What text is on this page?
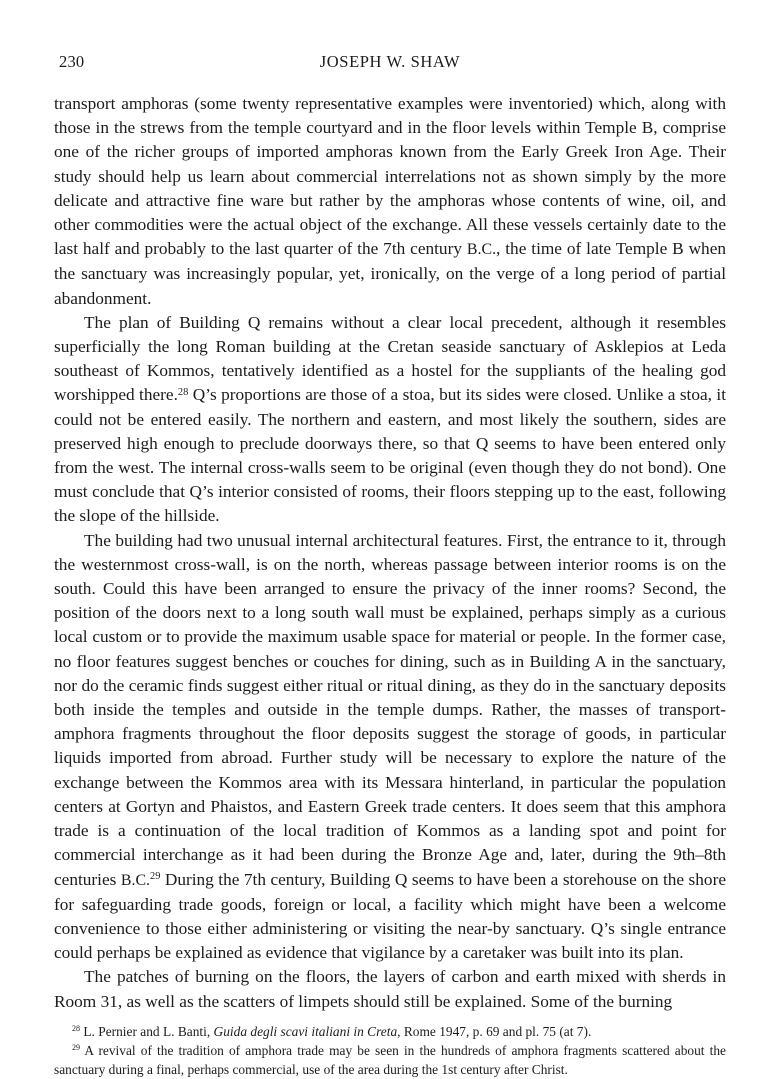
230	JOSEPH W. SHAW

transport amphoras (some twenty representative examples were inventoried) which, along with those in the strews from the temple courtyard and in the floor levels within Temple B, comprise one of the richer groups of imported amphoras known from the Early Greek Iron Age. Their study should help us learn about commercial interrelations not as shown simply by the more delicate and attractive fine ware but rather by the amphoras whose contents of wine, oil, and other commodities were the actual object of the exchange. All these vessels certainly date to the last half and probably to the last quarter of the 7th century B.C., the time of late Temple B when the sanctuary was increasingly popular, yet, ironically, on the verge of a long period of partial abandonment.

The plan of Building Q remains without a clear local precedent, although it resembles superficially the long Roman building at the Cretan seaside sanctuary of Asklepios at Leda southeast of Kommos, tentatively identified as a hostel for the suppliants of the healing god worshipped there.$^{28}$ Q’s proportions are those of a stoa, but its sides were closed. Unlike a stoa, it could not be entered easily. The northern and eastern, and most likely the southern, sides are preserved high enough to preclude doorways there, so that Q seems to have been entered only from the west. The internal cross-walls seem to be original (even though they do not bond). One must conclude that Q’s interior consisted of rooms, their floors stepping up to the east, following the slope of the hillside.

The building had two unusual internal architectural features. First, the entrance to it, through the westernmost cross-wall, is on the north, whereas passage between interior rooms is on the south. Could this have been arranged to ensure the privacy of the inner rooms? Second, the position of the doors next to a long south wall must be explained, perhaps simply as a curious local custom or to provide the maximum usable space for material or people. In the former case, no floor features suggest benches or couches for dining, such as in Building A in the sanctuary, nor do the ceramic finds suggest either ritual or ritual dining, as they do in the sanctuary deposits both inside the temples and outside in the temple dumps. Rather, the masses of transport-amphora fragments throughout the floor deposits suggest the storage of goods, in particular liquids imported from abroad. Further study will be necessary to explore the nature of the exchange between the Kommos area with its Messara hinterland, in particular the population centers at Gortyn and Phaistos, and Eastern Greek trade centers. It does seem that this amphora trade is a continuation of the local tradition of Kommos as a landing spot and point for commercial interchange as it had been during the Bronze Age and, later, during the 9th–8th centuries B.C.$^{29}$ During the 7th century, Building Q seems to have been a storehouse on the shore for safeguarding trade goods, foreign or local, a facility which might have been a welcome convenience to those either administering or visiting the near-by sanctuary. Q’s single entrance could perhaps be explained as evidence that vigilance by a caretaker was built into its plan.

The patches of burning on the floors, the layers of carbon and earth mixed with sherds in Room 31, as well as the scatters of limpets should still be explained. Some of the burning

$^{28}$ L. Pernier and L. Banti, Guida degli scavi italiani in Creta, Rome 1947, p. 69 and pl. 75 (at 7).

$^{29}$ A revival of the tradition of amphora trade may be seen in the hundreds of amphora fragments scattered about the sanctuary during a final, perhaps commercial, use of the area during the 1st century after Christ.
